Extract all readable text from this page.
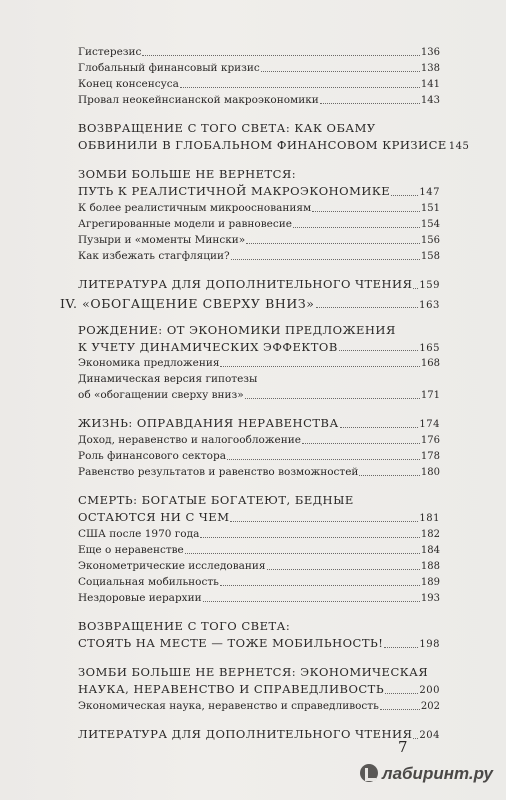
Гистерезис	136
Глобальный финансовый кризис	138
Конец консенсуса	141
Провал неокейнсианской макроэкономики	143
ВОЗВРАЩЕНИЕ С ТОГО СВЕТА: КАК ОБАМУ
ОБВИНИЛИ В ГЛОБАЛЬНОМ ФИНАНСОВОМ КРИЗИСЕ 145
ЗОМБИ БОЛЬШЕ НЕ ВЕРНЕТСЯ:
ПУТЬ К РЕАЛИСТИЧНОЙ МАКРОЭКОНОМИКЕ	147
К более реалистичным микрооснованиям	151
Агрегированные модели и равновесие	154
Пузыри и «моменты Мински»	156
Как избежать стагфляции?	158
ЛИТЕРАТУРА ДЛЯ ДОПОЛНИТЕЛЬНОГО ЧТЕНИЯ 159
IV. «ОБОГАЩЕНИЕ СВЕРХУ ВНИЗ»	163
РОЖДЕНИЕ: ОТ ЭКОНОМИКИ ПРЕДЛОЖЕНИЯ
К УЧЕТУ ДИНАМИЧЕСКИХ ЭФФЕКТОВ	165
Экономика предложения	168
Динамическая версия гипотезы
об «обогащении сверху вниз»	171
ЖИЗНЬ: ОПРАВДАНИЯ НЕРАВЕНСТВА	174
Доход, неравенство и налогообложение	176
Роль финансового сектора	178
Равенство результатов и равенство возможностей	180
СМЕРТЬ: БОГАТЫЕ БОГАТЕЮТ, БЕДНЫЕ
ОСТАЮТСЯ НИ С ЧЕМ	181
США после 1970 года	182
Еще о неравенстве	184
Эконометрические исследования	188
Социальная мобильность	189
Нездоровые иерархии	193
ВОЗВРАЩЕНИЕ С ТОГО СВЕТА:
СТОЯТЬ НА МЕСТЕ — ТОЖЕ МОБИЛЬНОСТЬ!	198
ЗОМБИ БОЛЬШЕ НЕ ВЕРНЕТСЯ: ЭКОНОМИЧЕСКАЯ
НАУКА, НЕРАВЕНСТВО И СПРАВЕДЛИВОСТЬ	200
Экономическая наука, неравенство и справедливость	202
ЛИТЕРАТУРА ДЛЯ ДОПОЛНИТЕЛЬНОГО ЧТЕНИЯ 204
7
лабиринт.ру
